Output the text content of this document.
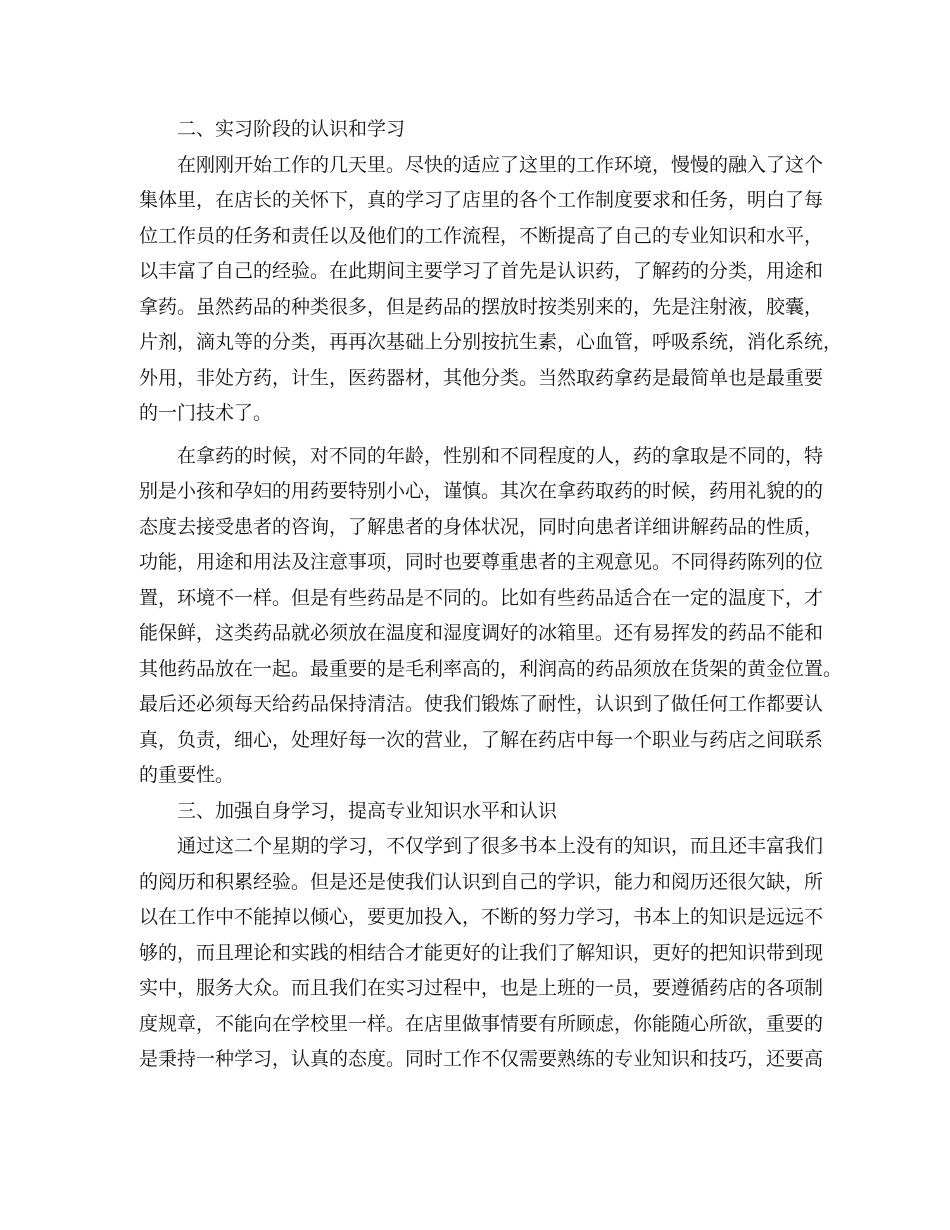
二、实习阶段的认识和学习
在刚刚开始工作的几天里。尽快的适应了这里的工作环境，慢慢的融入了这个
集体里，在店长的关怀下，真的学习了店里的各个工作制度要求和任务，明白了每
位工作员的任务和责任以及他们的工作流程，不断提高了自己的专业知识和水平，
以丰富了自己的经验。在此期间主要学习了首先是认识药，了解药的分类，用途和
拿药。虽然药品的种类很多，但是药品的摆放时按类别来的，先是注射液，胶囊，
片剂，滴丸等的分类，再再次基础上分别按抗生素，心血管，呼吸系统，消化系统，
外用，非处方药，计生，医药器材，其他分类。当然取药拿药是最简单也是最重要
的一门技术了。
在拿药的时候，对不同的年龄，性别和不同程度的人，药的拿取是不同的，特
别是小孩和孕妇的用药要特别小心，谨慎。其次在拿药取药的时候，药用礼貌的的
态度去接受患者的咨询，了解患者的身体状况，同时向患者详细讲解药品的性质，
功能，用途和用法及注意事项，同时也要尊重患者的主观意见。不同得药陈列的位
置，环境不一样。但是有些药品是不同的。比如有些药品适合在一定的温度下，才
能保鲜，这类药品就必须放在温度和湿度调好的冰箱里。还有易挥发的药品不能和
其他药品放在一起。最重要的是毛利率高的，利润高的药品须放在货架的黄金位置。
最后还必须每天给药品保持清洁。使我们锻炼了耐性，认识到了做任何工作都要认
真，负责，细心，处理好每一次的营业，了解在药店中每一个职业与药店之间联系
的重要性。
三、加强自身学习，提高专业知识水平和认识
通过这二个星期的学习，不仅学到了很多书本上没有的知识，而且还丰富我们
的阅历和积累经验。但是还是使我们认识到自己的学识，能力和阅历还很欠缺，所
以在工作中不能掉以倾心，要更加投入，不断的努力学习，书本上的知识是远远不
够的，而且理论和实践的相结合才能更好的让我们了解知识，更好的把知识带到现
实中，服务大众。而且我们在实习过程中，也是上班的一员，要遵循药店的各项制
度规章，不能向在学校里一样。在店里做事情要有所顾虑，你能随心所欲，重要的
是秉持一种学习，认真的态度。同时工作不仅需要熟练的专业知识和技巧，还要高
